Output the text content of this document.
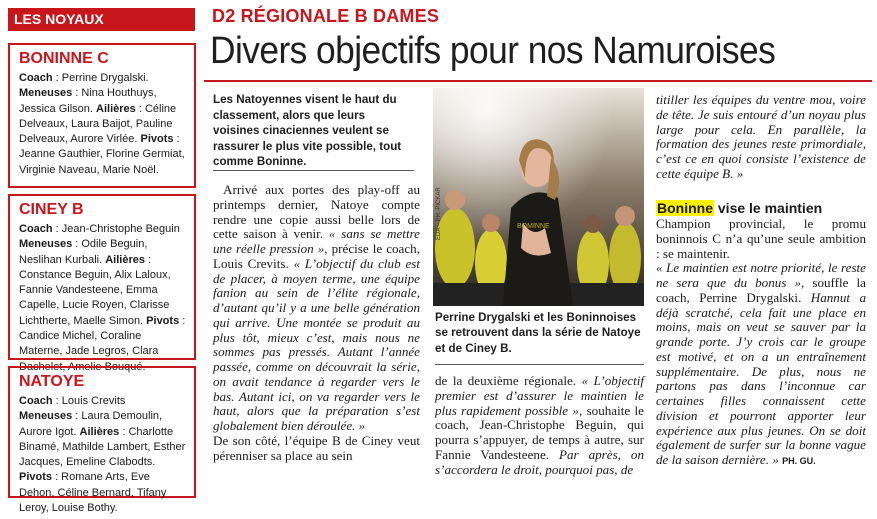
LES NOYAUX
BONINNE C
Coach : Perrine Drygalski.
Meneuses : Nina Houthuys, Jessica Gilson. Ailières : Céline Delveaux, Laura Baijot, Pauline Delveaux, Aurore Virlée. Pivots : Jeanne Gauthier, Florine Germiat, Virginie Naveau, Marie Noël.
CINEY B
Coach : Jean-Christophe Beguin
Meneuses : Odile Beguin, Neslihan Kurbali. Ailières : Constance Beguin, Alix Laloux, Fannie Vandesteene, Emma Capelle, Lucie Royen, Clarisse Lichtherte, Maelle Simon. Pivots : Candice Michel, Coraline Materne, Jade Legros, Clara Dachelet, Amelie Bouqué.
NATOYE
Coach : Louis Crevits
Meneuses : Laura Demoulin, Aurore Igot. Ailières : Charlotte Binamé, Mathilde Lambert, Esther Jacques, Emeline Clabodts. Pivots : Romane Arts, Eve Dehon, Céline Bernard, Tifany Leroy, Louise Bothy.
D2 RÉGIONALE B DAMES
Divers objectifs pour nos Namuroises
Les Natoyennes visent le haut du classement, alors que leurs voisines cinaciennes veulent se rassurer le plus vite possible, tout comme Boninne.
Arrivé aux portes des play-off au printemps dernier, Natoye compte rendre une copie aussi belle lors de cette saison à venir. « sans se mettre une réelle pression », précise le coach, Louis Crevits. « L’objectif du club est de placer, à moyen terme, une équipe fanion au sein de l’élite régionale, d’autant qu’il y a une belle génération qui arrive. Une montée se produit au plus tôt, mieux c’est, mais nous ne sommes pas pressés. Autant l’année passée, comme on découvrait la série, on avait tendance à regarder vers le bas. Autant ici, on va regarder vers le haut, alors que la préparation s’est globalement bien déroulée. »
De son côté, l’équipe B de Ciney veut pérenniser sa place au sein
BOMINNE
EDA – PH. PICKAR
Perrine Drygalski et les Boninnoises se retrouvent dans la série de Natoye et de Ciney B.
de la deuxième régionale. « L’objectif premier est d’assurer le maintien le plus rapidement possible », souhaite le coach, Jean-Christophe Beguin, qui pourra s’appuyer, de temps à autre, sur Fannie Vandesteene. Par après, on s’accordera le droit, pourquoi pas, de
titiller les équipes du ventre mou, voire de tête. Je suis entouré d’un noyau plus large pour cela. En parallèle, la formation des jeunes reste primordiale, c’est ce en quoi consiste l’existence de cette équipe B. »
Boninne vise le maintien
Champion provincial, le promu boninnois C n’a qu’une seule ambition : se maintenir.
« Le maintien est notre priorité, le reste ne sera que du bonus », souffle la coach, Perrine Drygalski. Hannut a déjà scratché, cela fait une place en moins, mais on veut se sauver par la grande porte. J’y crois car le groupe est motivé, et on a un entraînement supplémentaire. De plus, nous ne partons pas dans l’inconnue car certaines filles connaissent cette division et pourront apporter leur expérience aux plus jeunes. On se doit également de surfer sur la bonne vague de la saison dernière. » PH. GU.
